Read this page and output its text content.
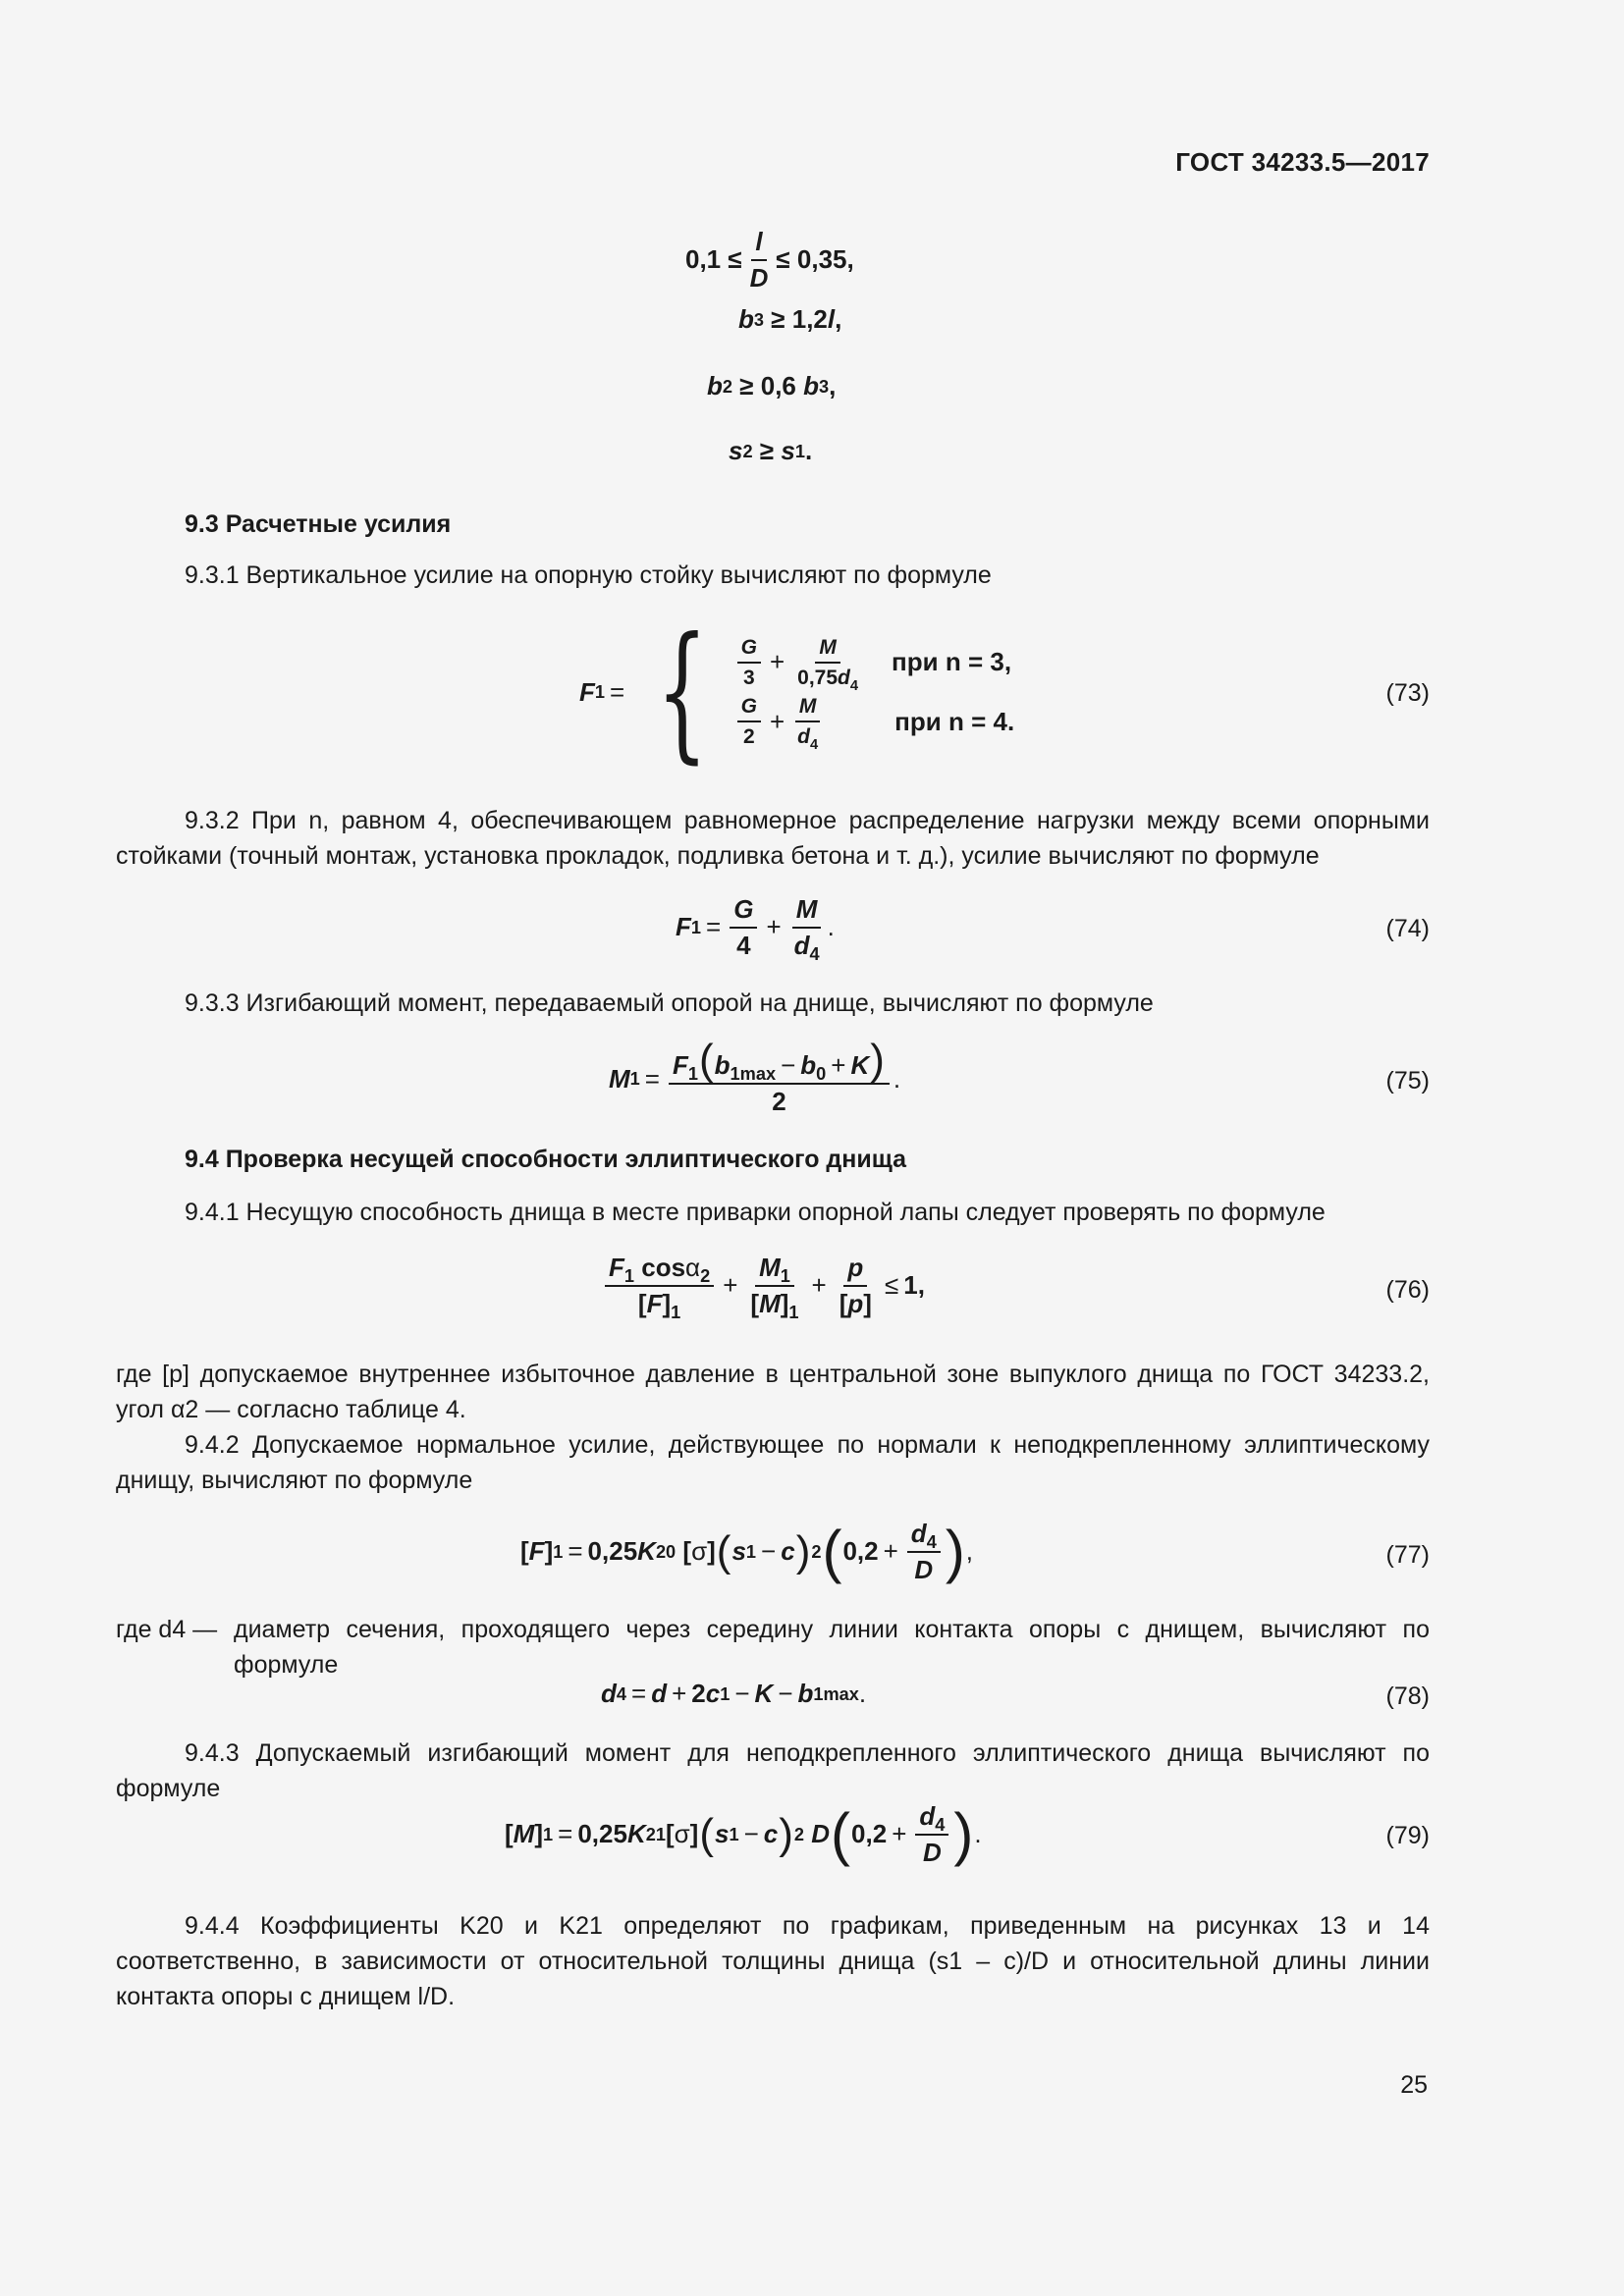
ГОСТ 34233.5—2017
$0,1 \le \frac{l}{D} \le 0,35$,
b 3
≥ 1,2 l ,
b 2
≥ 0,6
b 3 ,
s 2
≥
s 1 .
9.3 Расчетные усилия
9.3.1 Вертикальное усилие на опорную стойку вычисляют по формуле
F 1 = { $\frac{G}{3} + \frac{M}{0,75d_4}$ при n = 3,
$\frac{G}{2} + \frac{M}{d_4}$	при n = 4.
(73)
9.3.2 При n, равном 4, обеспечивающем равномерное распределение нагрузки между всеми опорными стойками (точный монтаж, установка прокладок, подливка бетона и т. д.), усилие вычисляют по формуле
F $1 = \frac{G}{4} + \frac{M}{d_4}$ .	(74)
9.3.3 Изгибающий момент, передаваемый опорой на днище, вычисляют по формуле
M $1 = \frac{F_1(b_{1max} - b_0 + K)}{2}$ .	(75)
9.4 Проверка несущей способности эллиптического днища
9.4.1 Несущую способность днища в месте приварки опорной лапы следует проверять по формуле
$\frac{F_1 \cos\alpha_2}{[F]_1} + \frac{M_1}{[M]_1} + \frac{p}{[p]} \le 1$,	(76)
где [p] допускаемое внутреннее избыточное давление в центральной зоне выпуклого днища по ГОСТ 34233.2, угол α2 — согласно таблице 4.
9.4.2 Допускаемое нормальное усилие, действующее по нормали к неподкрепленному эллиптическому днищу, вычисляют по формуле
[ F ] 1 = 0,25 K 20 [ σ ] ( s 1 − c ) 2 ( $0,2 + \frac{d_4}{D}$ ) ,	(77)
где d4 — диаметр сечения, проходящего через середину линии контакта опоры с днищем, вычисляют по формуле
d 4 = d + 2 c 1 − K − b 1max .	(78)
9.4.3 Допускаемый изгибающий момент для неподкрепленного эллиптического днища вычисляют по формуле
[ M ] 1 = 0,25 K 21 [ σ ] ( s 1 − c ) 2
D ( $0,2 + \frac{d_4}{D}$ ) .	(79)
9.4.4 Коэффициенты K20 и K21 определяют по графикам, приведенным на рисунках 13 и 14 соответственно, в зависимости от относительной толщины днища (s1 – c)/D и относительной длины линии контакта опоры с днищем l/D.
25
